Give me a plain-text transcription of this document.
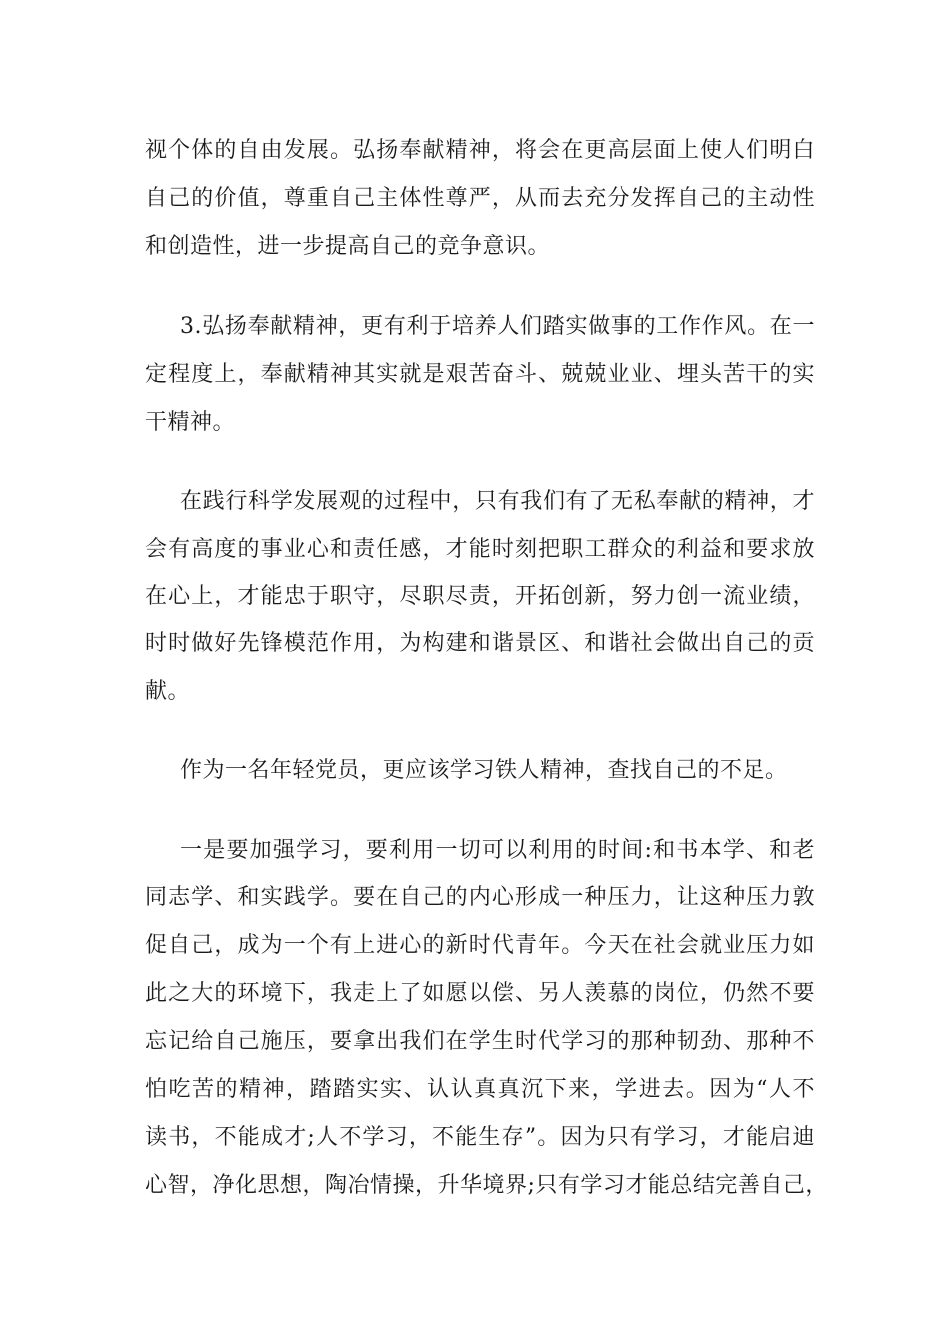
视个体的自由发展。弘扬奉献精神，将会在更高层面上使人们明白
自己的价值，尊重自己主体性尊严，从而去充分发挥自己的主动性
和创造性，进一步提高自己的竞争意识。
3.弘扬奉献精神，更有利于培养人们踏实做事的工作作风。在一
定程度上，奉献精神其实就是艰苦奋斗、兢兢业业、埋头苦干的实
干精神。
在践行科学发展观的过程中，只有我们有了无私奉献的精神，才
会有高度的事业心和责任感，才能时刻把职工群众的利益和要求放
在心上，才能忠于职守，尽职尽责，开拓创新，努力创一流业绩，
时时做好先锋模范作用，为构建和谐景区、和谐社会做出自己的贡
献。
作为一名年轻党员，更应该学习铁人精神，查找自己的不足。
一是要加强学习，要利用一切可以利用的时间:和书本学、和老
同志学、和实践学。要在自己的内心形成一种压力，让这种压力敦
促自己，成为一个有上进心的新时代青年。今天在社会就业压力如
此之大的环境下，我走上了如愿以偿、另人羡慕的岗位，仍然不要
忘记给自己施压，要拿出我们在学生时代学习的那种韧劲、那种不
怕吃苦的精神，踏踏实实、认认真真沉下来，学进去。因为“人不
读书，不能成才;人不学习，不能生存”。因为只有学习，才能启迪
心智，净化思想，陶冶情操，升华境界;只有学习才能总结完善自己，
